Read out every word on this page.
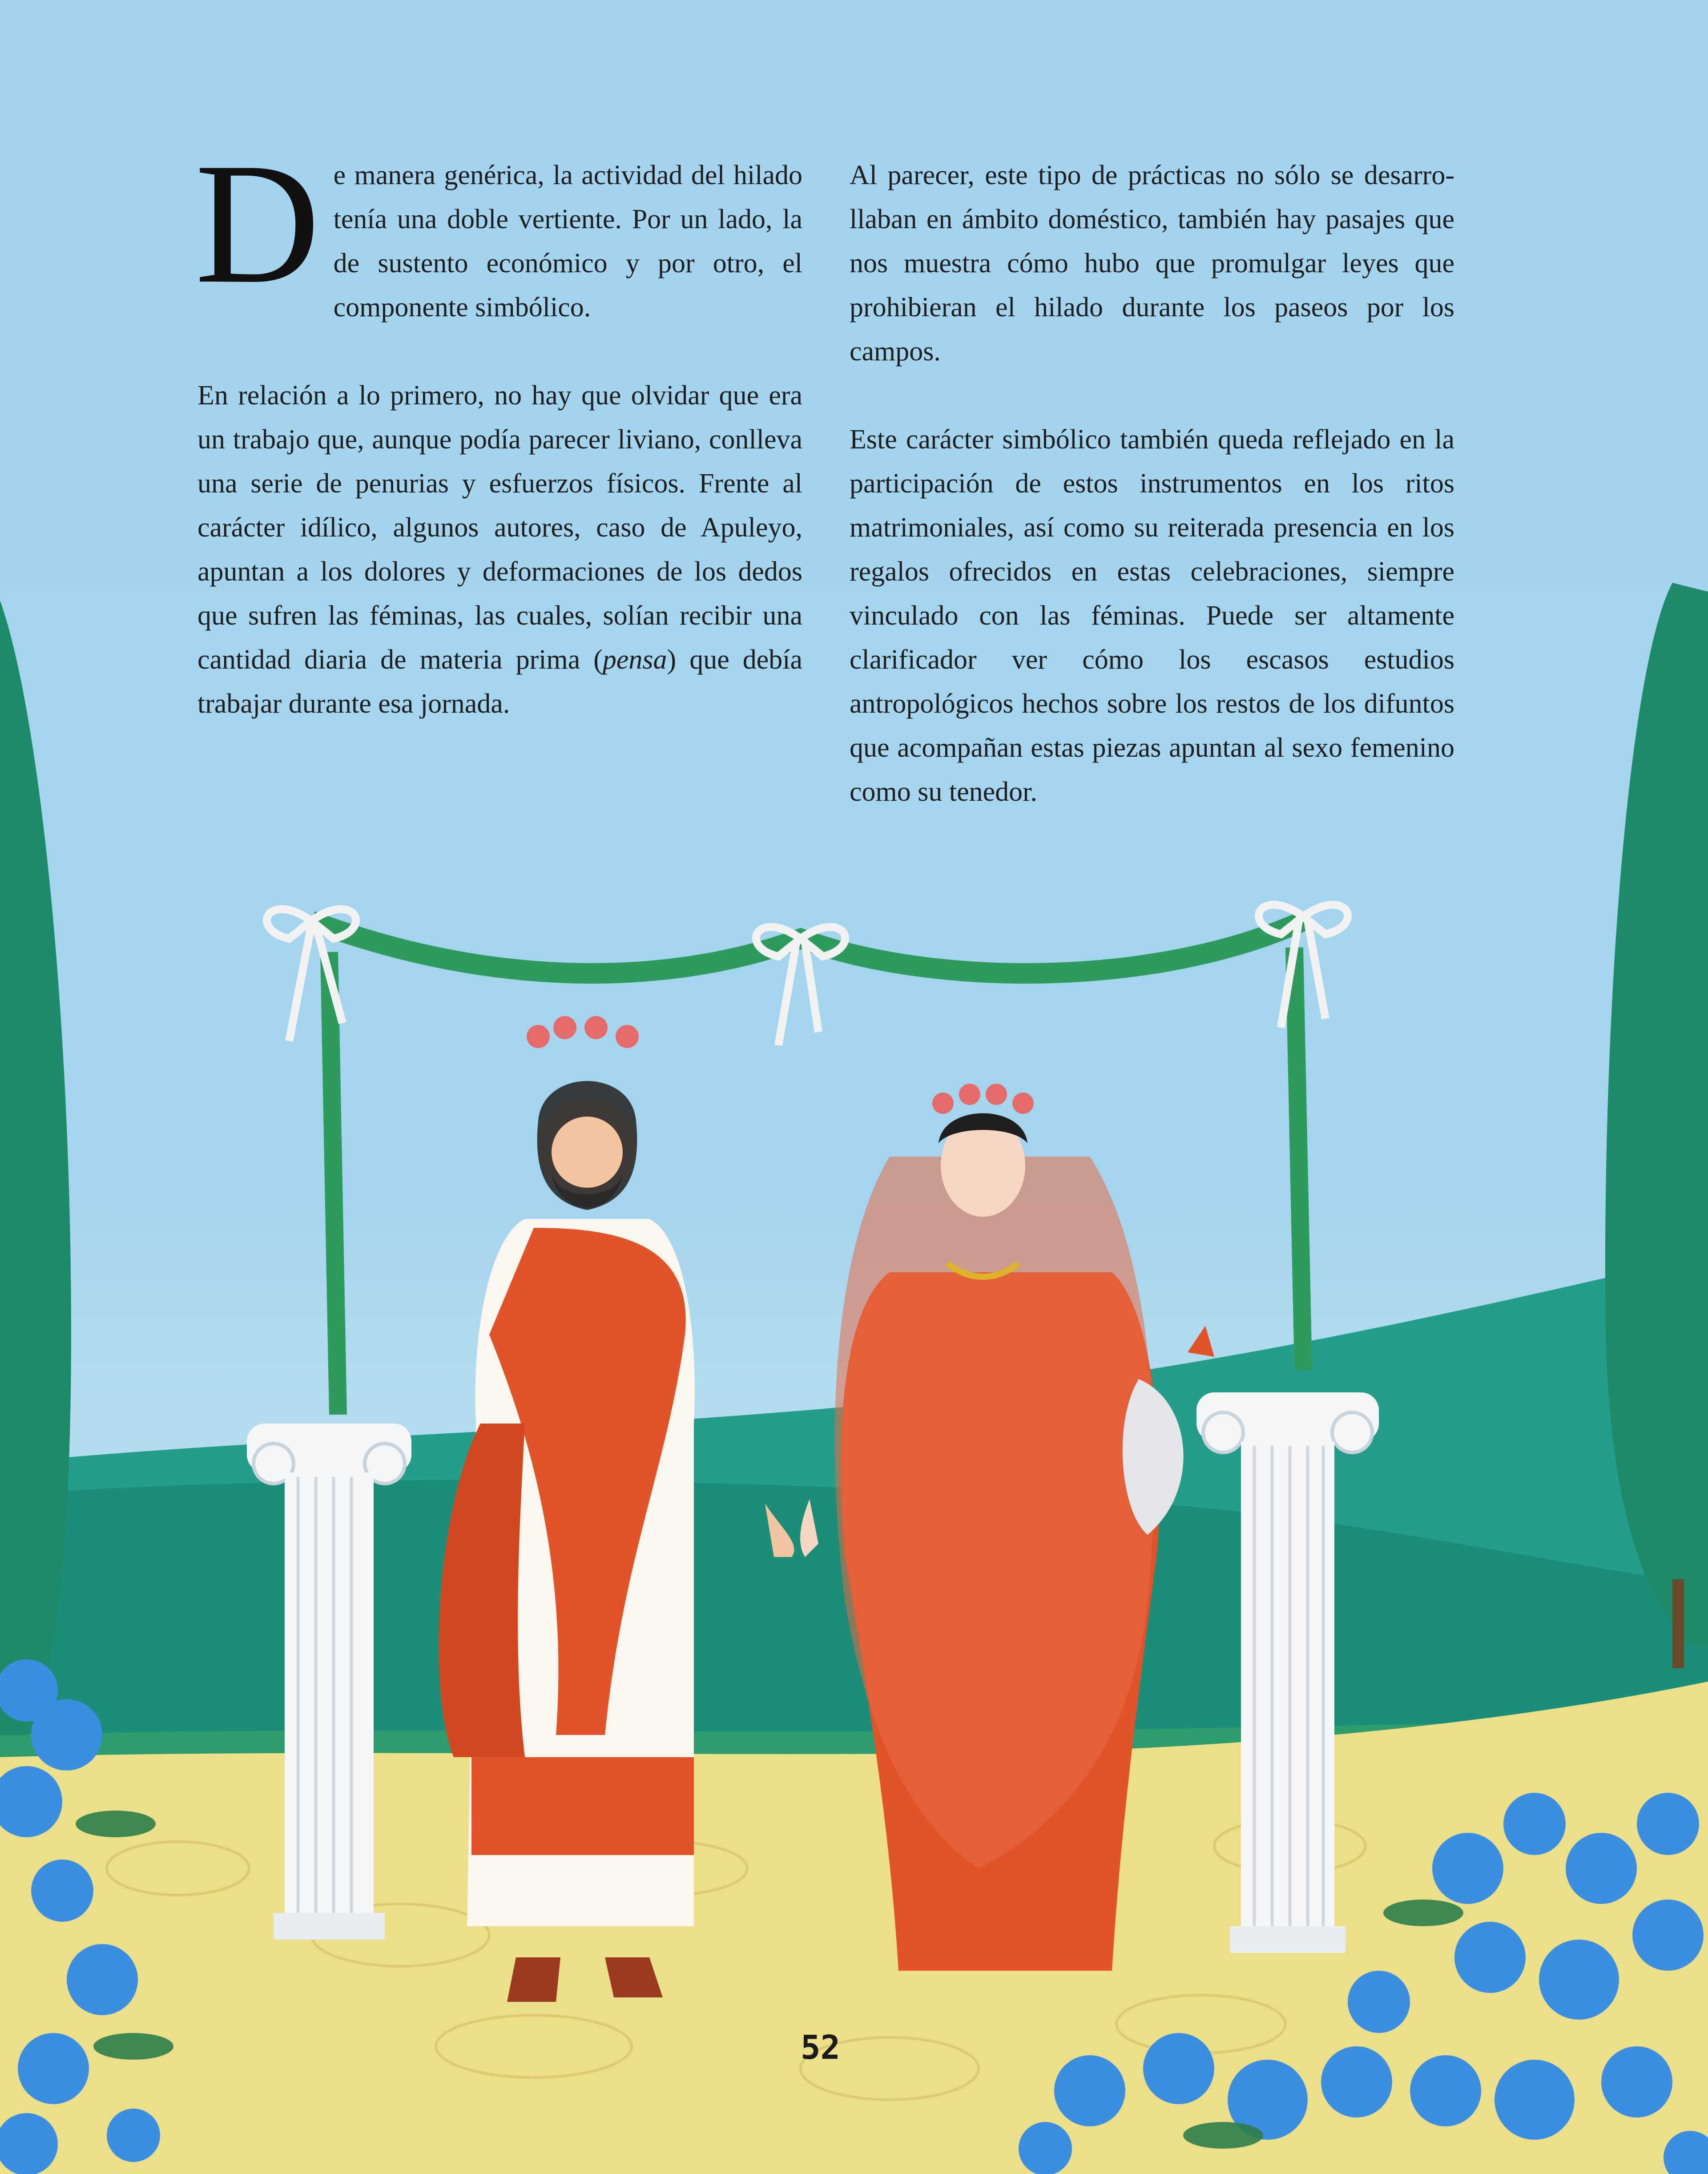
De manera genérica, la actividad del hilado tenía una doble vertiente. Por un lado, la de sustento económico y por otro, el componente simbólico.

En relación a lo primero, no hay que olvidar que era un trabajo que, aunque podía parecer liviano, conlleva una serie de penurias y esfuerzos físicos. Frente al carácter idílico, algunos autores, caso de Apuleyo, apuntan a los dolores y deformaciones de los dedos que sufren las féminas, las cuales, solían recibir una cantidad diaria de materia prima (pensa) que debía trabajar durante esa jornada.

Al parecer, este tipo de prácticas no sólo se desarrollaban en ámbito doméstico, también hay pasajes que nos muestra cómo hubo que promulgar leyes que prohibieran el hilado durante los paseos por los campos.

Este carácter simbólico también queda reflejado en la participación de estos instrumentos en los ritos matrimoniales, así como su reiterada presencia en los regalos ofrecidos en estas celebraciones, siempre vinculado con las féminas. Puede ser altamente clarificador ver cómo los escasos estudios antropológicos hechos sobre los restos de los difuntos que acompañan estas piezas apuntan al sexo femenino como su tenedor.

52
